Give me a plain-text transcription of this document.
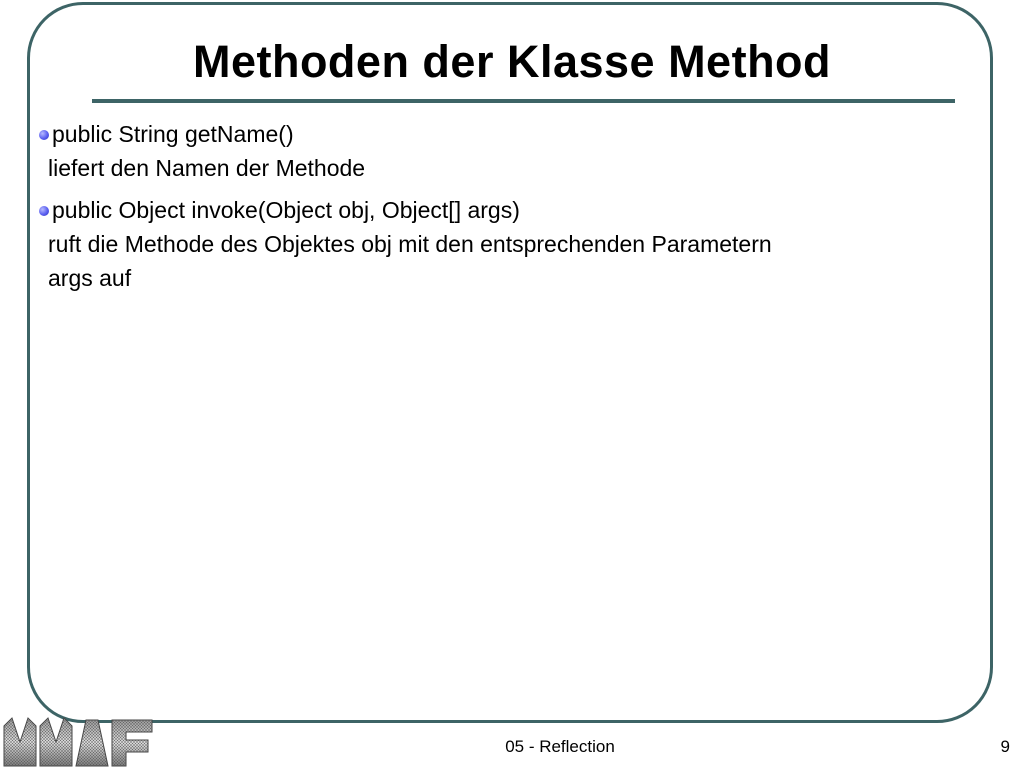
Methoden der Klasse Method
public String getName()
liefert den Namen der Methode
public Object invoke(Object obj, Object[] args)
ruft die Methode des Objektes obj mit den entsprechenden Parametern
args auf
05 - Reflection	9
